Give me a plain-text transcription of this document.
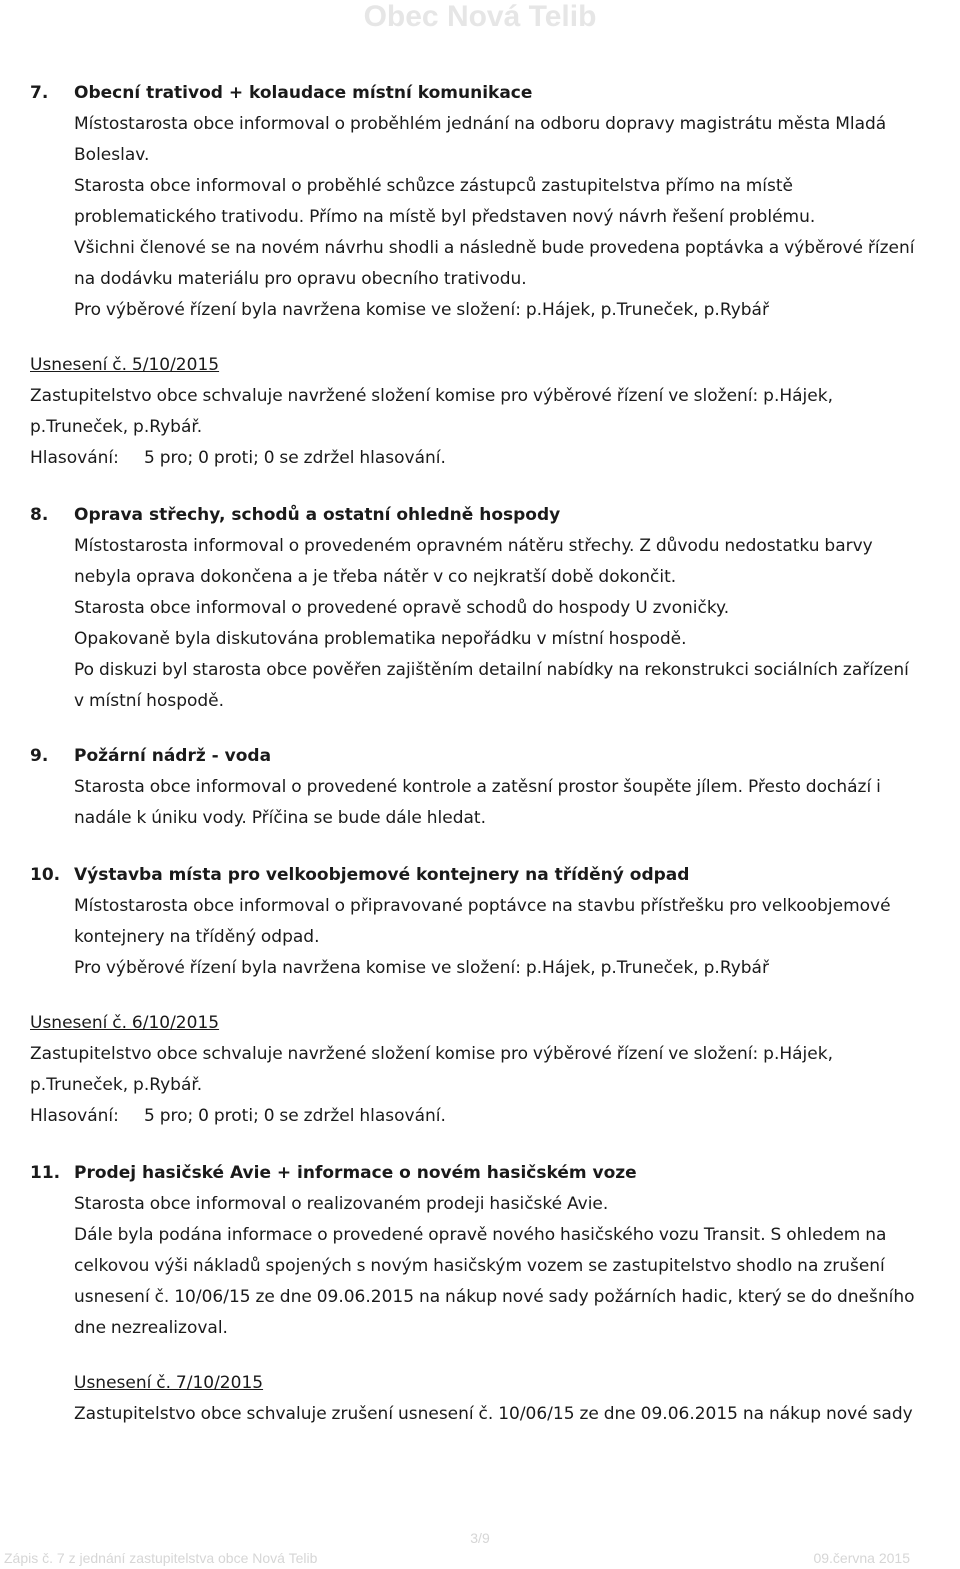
Obec Nová Telib
7.	Obecní trativod + kolaudace místní komunikace
Místostarosta obce informoval o proběhlém jednání na odboru dopravy magistrátu města Mladá
Boleslav.
Starosta obce informoval o proběhlé schůzce zástupců zastupitelstva přímo na místě
problematického trativodu. Přímo na místě byl představen nový návrh řešení problému.
Všichni členové se na novém návrhu shodli a následně bude provedena poptávka a výběrové řízení
na dodávku materiálu pro opravu obecního trativodu.
Pro výběrové řízení byla navržena komise ve složení: p.Hájek, p.Truneček, p.Rybář
Usnesení č. 5/10/2015
Zastupitelstvo obce schvaluje navržené složení komise pro výběrové řízení ve složení: p.Hájek,
p.Truneček, p.Rybář.
Hlasování: 5 pro; 0 proti; 0 se zdržel hlasování.
8.	Oprava střechy, schodů a ostatní ohledně hospody
Místostarosta informoval o provedeném opravném nátěru střechy. Z důvodu nedostatku barvy
nebyla oprava dokončena a je třeba nátěr v co nejkratší době dokončit.
Starosta obce informoval o provedené opravě schodů do hospody U zvoničky.
Opakovaně byla diskutována problematika nepořádku v místní hospodě.
Po diskuzi byl starosta obce pověřen zajištěním detailní nabídky na rekonstrukci sociálních zařízení
v místní hospodě.
9.	Požární nádrž - voda
Starosta obce informoval o provedené kontrole a zatěsní prostor šoupěte jílem. Přesto dochází i
nadále k úniku vody. Příčina se bude dále hledat.
10. Výstavba místa pro velkoobjemové kontejnery na tříděný odpad
Místostarosta obce informoval o připravované poptávce na stavbu přístřešku pro velkoobjemové
kontejnery na tříděný odpad.
Pro výběrové řízení byla navržena komise ve složení: p.Hájek, p.Truneček, p.Rybář
Usnesení č. 6/10/2015
Zastupitelstvo obce schvaluje navržené složení komise pro výběrové řízení ve složení: p.Hájek,
p.Truneček, p.Rybář.
Hlasování: 5 pro; 0 proti; 0 se zdržel hlasování.
11. Prodej hasičské Avie + informace o novém hasičském voze
Starosta obce informoval o realizovaném prodeji hasičské Avie.
Dále byla podána informace o provedené opravě nového hasičského vozu Transit. S ohledem na
celkovou výši nákladů spojených s novým hasičským vozem se zastupitelstvo shodlo na zrušení
usnesení č. 10/06/15 ze dne 09.06.2015 na nákup nové sady požárních hadic, který se do dnešního
dne nezrealizoval.
Usnesení č. 7/10/2015
Zastupitelstvo obce schvaluje zrušení usnesení č. 10/06/15 ze dne 09.06.2015 na nákup nové sady
3/9
Zápis č. 7 z jednání zastupitelstva obce Nová Telib	09.června 2015
